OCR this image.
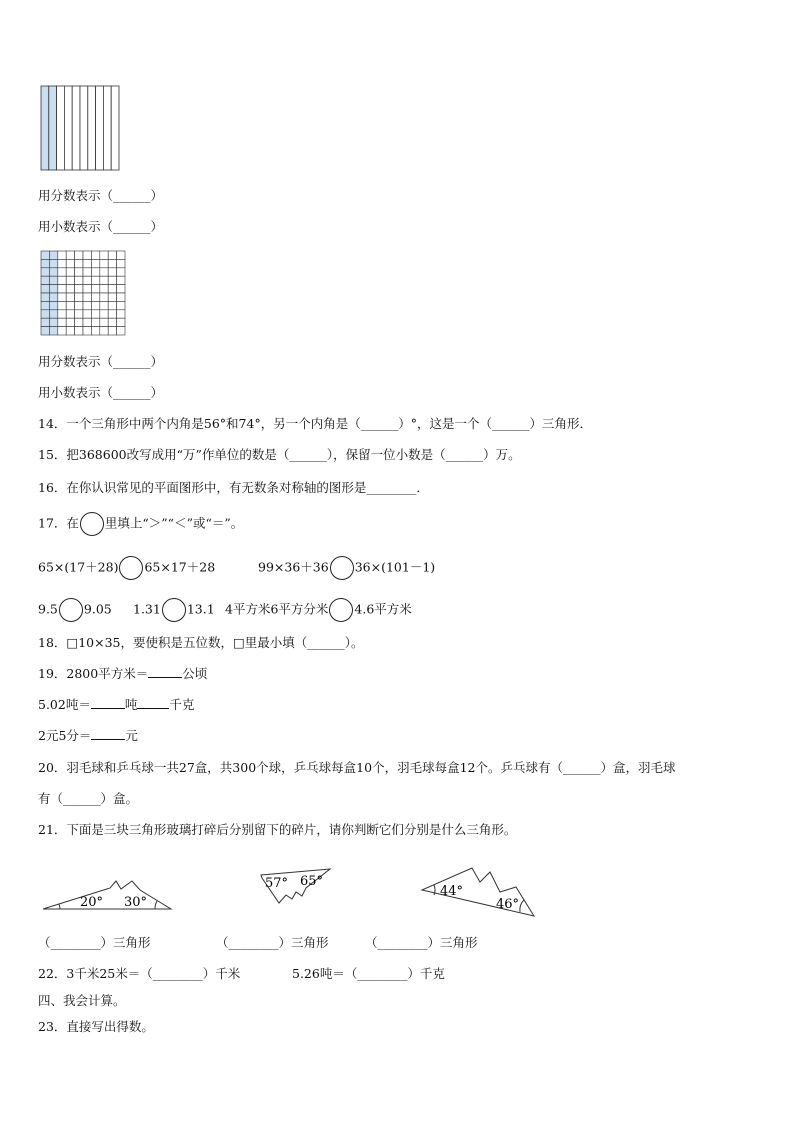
用分数表示（______）
用小数表示（______）
用分数表示（______）
用小数表示（______）
14．一个三角形中两个内角是56°和74°，另一个内角是（______）°，这是一个（______）三角形．
15．把368600改写成用“万”作单位的数是（______），保留一位小数是（______）万。
16．在你认识常见的平面图形中，有无数条对称轴的图形是________．
17．在 里填上“＞”“＜”或“＝”。
65×(17＋28) 65×17＋28	99×36＋36 36×(101－1)
9.5 9.05 1.31 13.1 4平方米6平方分米 4.6平方米
18．□10×35，要使积是五位数，□里最小填（______）。
19．2800平方米＝	公顷
5.02吨＝	吨	千克
2元5分＝	元
20．羽毛球和乒乓球一共27盒，共300个球，乒乓球每盒10个，羽毛球每盒12个。乒乓球有（______）盒，羽毛球
有（______）盒。
21．下面是三块三角形玻璃打碎后分别留下的碎片，请你判断它们分别是什么三角形。
20° 30°
57° 65°
44°
46°
（________）三角形	（________）三角形	（________）三角形
22．3千米25米＝（________）千米	5.26吨＝（________）千克
四、我会计算。
23．直接写出得数。
